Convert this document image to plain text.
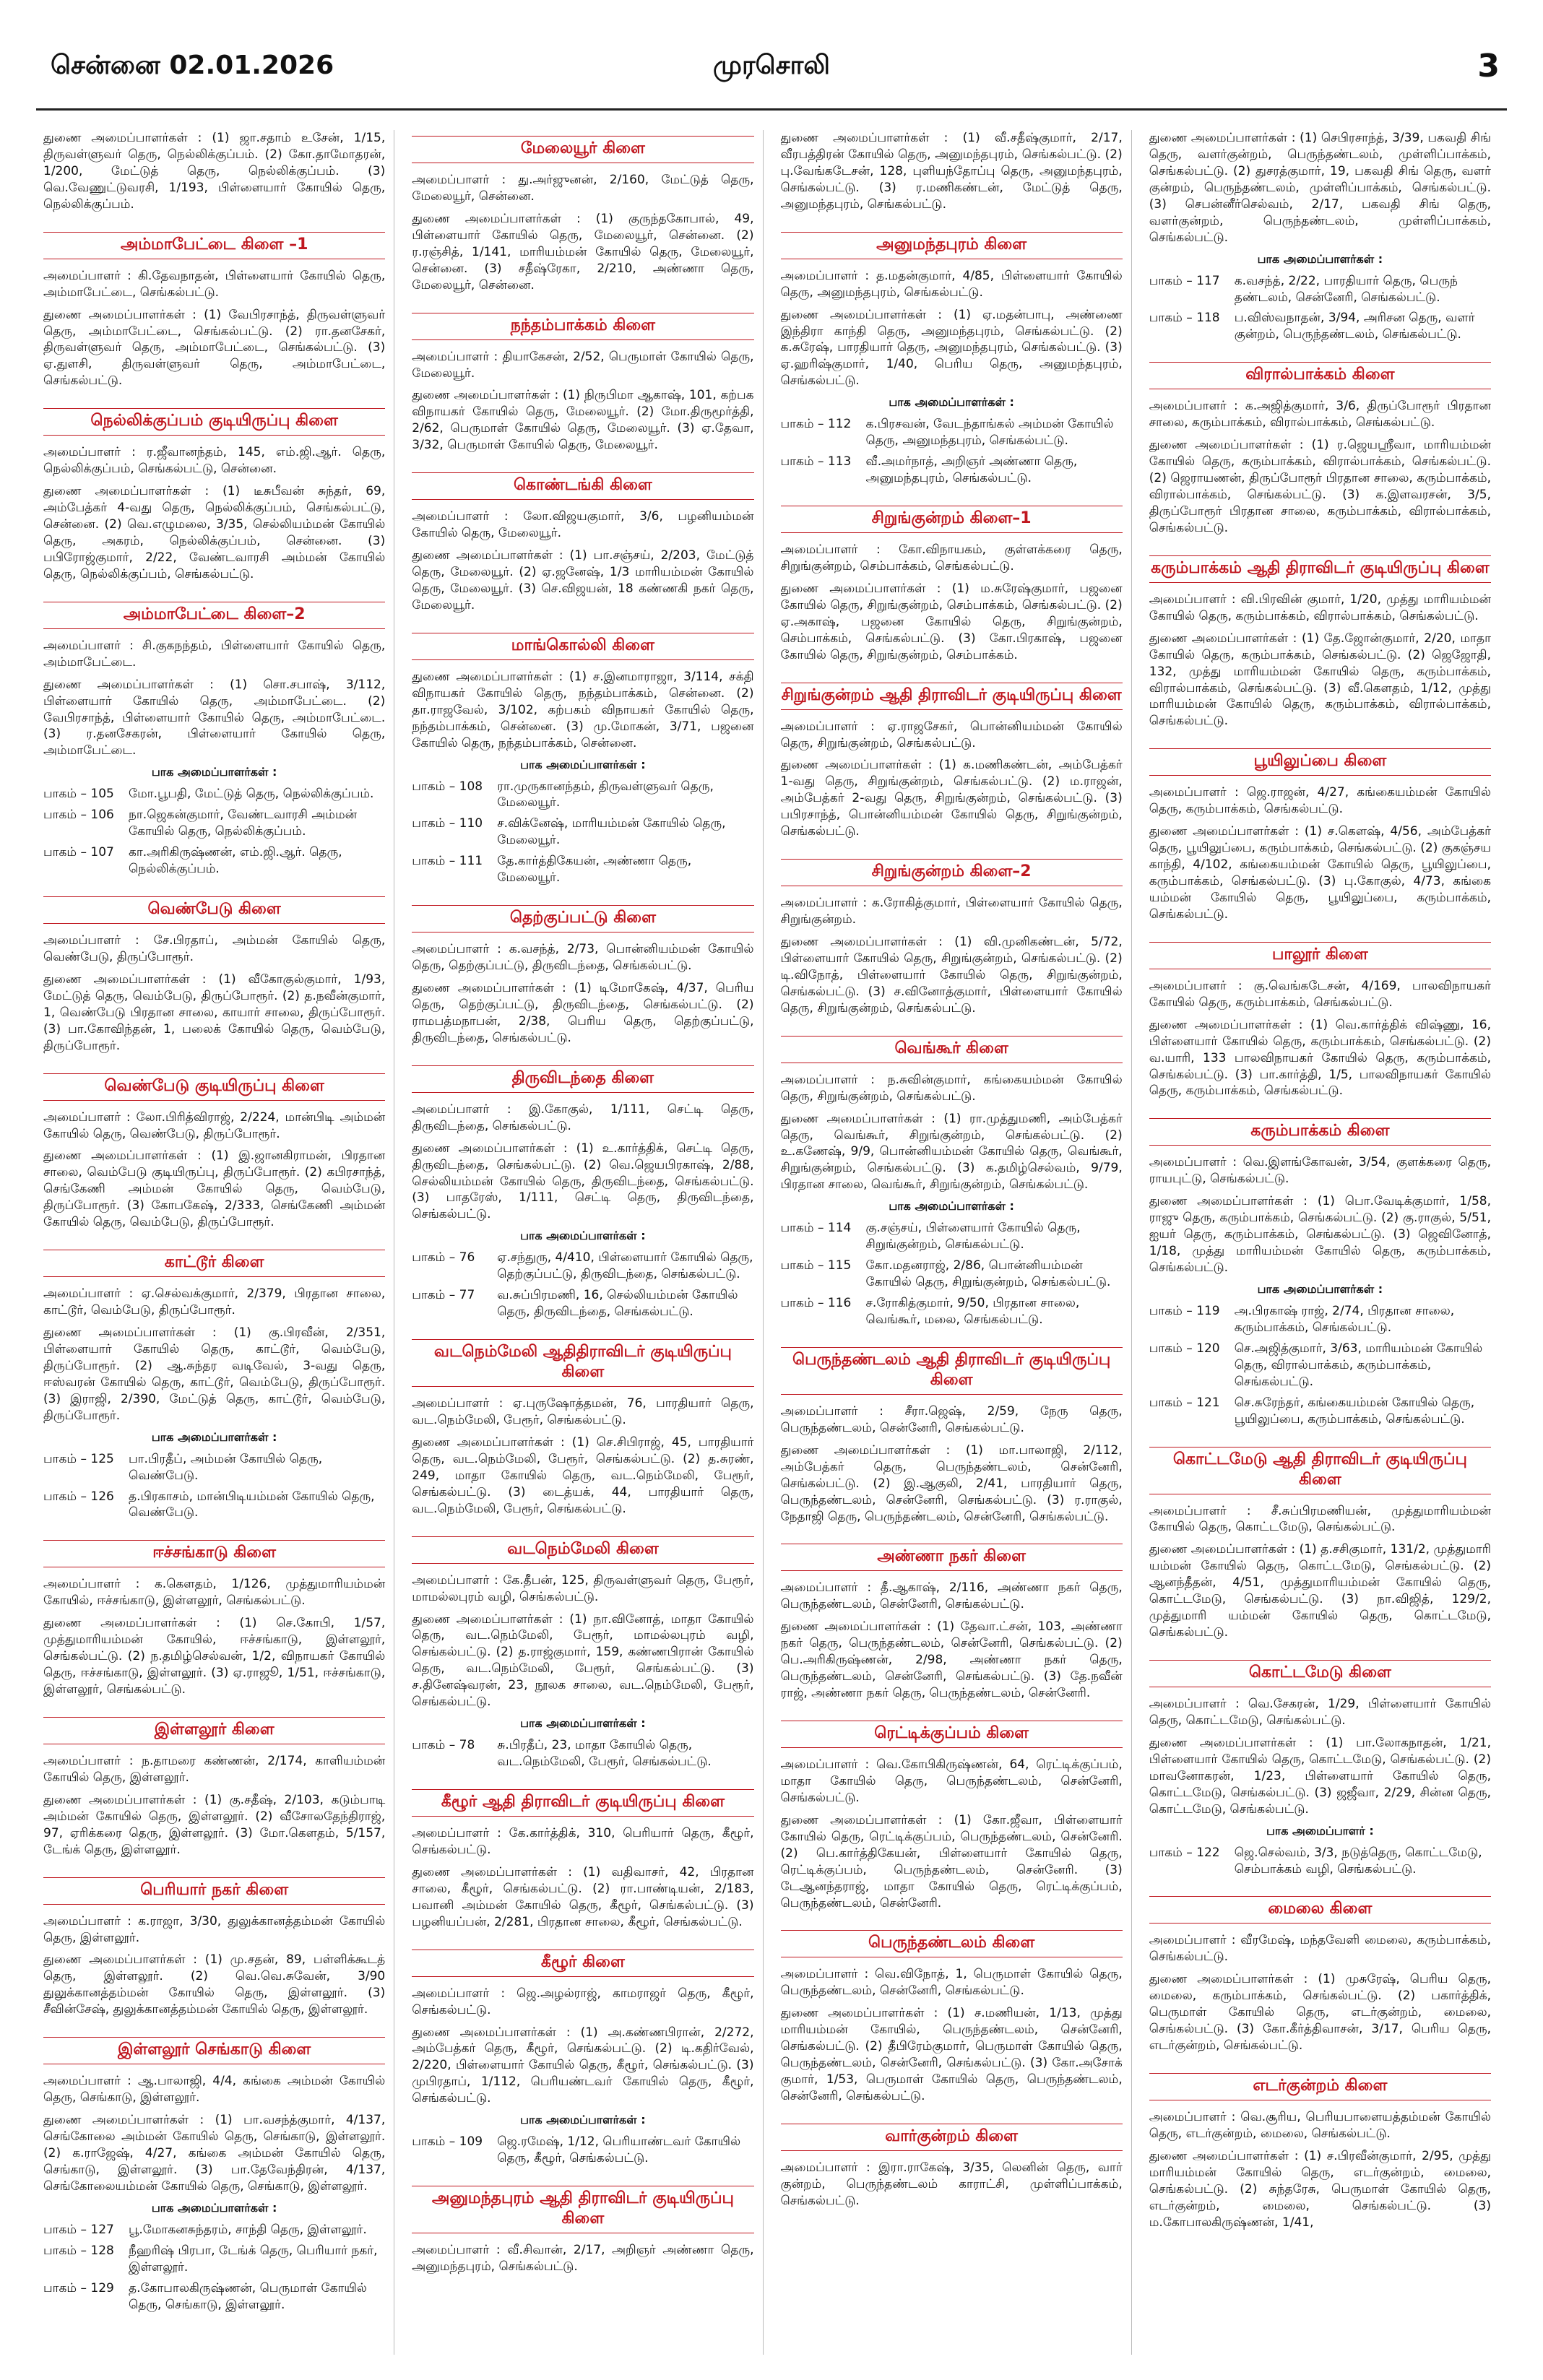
சென்னை 02.01.2026	முரசொலி	3

துணை அமைப்பாளர்கள் : (1) ஜா.சதாம் உசேன், 1/15, திருவள்ளுவர் தெரு, நெல்லிக்குப்பம். (2) கோ.தாமோதரன், 1/200, மேட்டுத் தெரு, நெல்லிக்குப்பம். (3) வெ.வேணுட்டுவரசி, 1/193, பிள்ளையார் கோயில் தெரு, நெல்லிக்குப்பம்.

அம்மாபேட்டை கிளை –1

அமைப்பாளர் : கி.தேவநாதன், பிள்ளையார் கோயில் தெரு, அம்மாபேட்டை, செங்கல்பட்டு.

துணை அமைப்பாளர்கள் : (1) வேபிரசாந்த், திருவள்ளுவர் தெரு, அம்மாபேட்டை, செங்கல்பட்டு. (2) ரா.தனசேகர், திருவள்ளுவர் தெரு, அம்மாபேட்டை, செங்கல்பட்டு. (3) ஏ.துளசி, திருவள்ளுவர் தெரு, அம்மாபேட்டை, செங்கல்பட்டு.

நெல்லிக்குப்பம் குடியிருப்பு கிளை

அமைப்பாளர் : ர.ஜீவானந்தம், 145, எம்.ஜி.ஆர். தெரு, நெல்லிக்குப்பம், செங்கல்பட்டு, சென்னை.

துணை அமைப்பாளர்கள் : (1) டீசுபீவன் சுந்தர், 69, அம்பேத்கர் 4-வது தெரு, நெல்லிக்குப்பம், செங்கல்பட்டு, சென்னை. (2) வெ.எழுமலை, 3/35, செல்லியம்மன் கோயில் தெரு, அகரம், நெல்லிக்குப்பம், சென்னை. (3) பபிரோஜ்குமார், 2/22, வேண்டவாரசி அம்மன் கோயில் தெரு, நெல்லிக்குப்பம், செங்கல்பட்டு.

அம்மாபேட்டை கிளை–2

அமைப்பாளர் : சி.குகநந்தம், பிள்ளையார் கோயில் தெரு, அம்மாபேட்டை.

துணை அமைப்பாளர்கள் : (1) சொ.சபாஷ், 3/112, பிள்ளையார் கோயில் தெரு, அம்மாபேட்டை. (2) வேபிரசாந்த், பிள்ளையார் கோயில் தெரு, அம்மாபேட்டை. (3) ர.தனசேகரன், பிள்ளையார் கோயில் தெரு, அம்மாபேட்டை.

பாக அமைப்பாளர்கள் :
பாகம் – 105	மோ.பூபதி, மேட்டுத் தெரு, நெல்லிக்குப்பம்.
பாகம் – 106	நா.ஜெகன்குமார், வேண்டவாரசி அம்மன் கோயில் தெரு, நெல்லிக்குப்பம்.
பாகம் – 107	கா.அரிகிருஷ்ணன், எம்.ஜி.ஆர். தெரு, நெல்லிக்குப்பம்.
வெண்பேடு கிளை

அமைப்பாளர் : சே.பிரதாப், அம்மன் கோயில் தெரு, வெண்பேடு, திருப்போரூர்.

துணை அமைப்பாளர்கள் : (1) வீகோகுல்குமார், 1/93, மேட்டுத் தெரு, வெம்பேடு, திருப்போரூர். (2) த.நவீன்குமார், 1, வெண்பேடு பிரதான சாலை, காயார் சாலை, திருப்போரூர். (3) பா.கோவிந்தன், 1, பலைக் கோயில் தெரு, வெம்பேடு, திருப்போரூர்.

வெண்பேடு குடியிருப்பு கிளை

அமைப்பாளர் : லோ.பிரித்விராஜ், 2/224, மான்பிடி அம்மன் கோயில் தெரு, வெண்பேடு, திருப்போரூர்.

துணை அமைப்பாளர்கள் : (1) இ.ஜானகிராமன், பிரதான சாலை, வெம்பேடு குடியிருப்பு, திருப்போரூர். (2) கபிரசாந்த், செங்கேணி அம்மன் கோயில் தெரு, வெம்பேடு, திருப்போரூர். (3) கோபகேஷ், 2/333, செங்கேணி அம்மன் கோயில் தெரு, வெம்பேடு, திருப்போரூர்.

காட்டூர் கிளை

அமைப்பாளர் : ஏ.செல்வக்குமார், 2/379, பிரதான சாலை, காட்டூர், வெம்பேடு, திருப்போரூர்.

துணை அமைப்பாளர்கள் : (1) கு.பிரவீன், 2/351, பிள்ளையார் கோயில் தெரு, காட்டூர், வெம்பேடு, திருப்போரூர். (2) ஆ.சுந்தர வடிவேல், 3-வது தெரு, ஈஸ்வரன் கோயில் தெரு, காட்டூர், வெம்பேடு, திருப்போரூர். (3) இராஜி, 2/390, மேட்டுத் தெரு, காட்டூர், வெம்பேடு, திருப்போரூர்.

பாக அமைப்பாளர்கள் :
பாகம் – 125	பா.பிரதீப், அம்மன் கோயில் தெரு, வெண்பேடு.
பாகம் – 126	த.பிரகாசம், மான்பிடியம்மன் கோயில் தெரு, வெண்பேடு.
ஈச்சங்காடு கிளை

அமைப்பாளர் : க.கௌதம், 1/126, முத்துமாரியம்மன் கோயில், ஈச்சங்காடு, இள்ளலூர், செங்கல்பட்டு.

துணை அமைப்பாளர்கள் : (1) செ.கோபி, 1/57, முத்துமாரியம்மன் கோயில், ஈச்சங்காடு, இள்ளலூர், செங்கல்பட்டு. (2) ந.தமிழ்செல்வன், 1/2, விநாயகர் கோயில் தெரு, ஈச்சங்காடு, இள்ளலூர். (3) ஏ.ராஜூ, 1/51, ஈச்சங்காடு, இள்ளலூர், செங்கல்பட்டு.

இள்ளலூர் கிளை

அமைப்பாளர் : ந.தாமரை கண்ணன், 2/174, காளியம்மன் கோயில் தெரு, இள்ளலூர்.

துணை அமைப்பாளர்கள் : (1) கு.சதீஷ், 2/103, கடும்பாடி அம்மன் கோயில் தெரு, இள்ளலூர். (2) வீசோலதேந்திராஜ், 97, ஏரிக்கரை தெரு, இள்ளலூர். (3) மோ.கௌதம், 5/157, டேங்க் தெரு, இள்ளலூர்.

பெரியார் நகர் கிளை

அமைப்பாளர் : க.ராஜா, 3/30, துலுக்கானத்தம்மன் கோயில் தெரு, இள்ளலூர்.

துணை அமைப்பாளர்கள் : (1) மு.சதன், 89, பள்ளிக்கூடத் தெரு, இள்ளலூர். (2) வெ.வெ.சுவேன், 3/90 துலுக்கானத்தம்மன் கோயில் தெரு, இள்ளலூர். (3) சீவின்சேஷ், துலுக்கானத்தம்மன் கோயில் தெரு, இள்ளலூர்.

இள்ளலூர் செங்காடு கிளை

அமைப்பாளர் : ஆ.பாலாஜி, 4/4, கங்கை அம்மன் கோயில் தெரு, செங்காடு, இள்ளலூர்.

துணை அமைப்பாளர்கள் : (1) பா.வசந்த்குமார், 4/137, செங்கோலை அம்மன் கோயில் தெரு, செங்காடு, இள்ளலூர். (2) க.ராஜேஷ், 4/27, கங்கை அம்மன் கோயில் தெரு, செங்காடு, இள்ளலூர். (3) பா.தேவேந்திரன், 4/137, செங்கோலையம்மன் கோயில் தெரு, செங்காடு, இள்ளலூர்.

பாக அமைப்பாளர்கள் :
பாகம் – 127	பூ.மோகனசுந்தரம், சாந்தி தெரு, இள்ளலூர்.
பாகம் – 128	நீஹரிஷ் பிரபா, டேங்க் தெரு, பெரியார் நகர், இள்ளலூர்.
பாகம் – 129	த.கோபாலகிருஷ்ணன், பெருமாள் கோயில் தெரு, செங்காடு, இள்ளலூர்.
மேலையூர் கிளை

அமைப்பாளர் : து.அர்ஜுனன், 2/160, மேட்டுத் தெரு, மேலையூர், சென்னை.

துணை அமைப்பாளர்கள் : (1) குருந்தகோபால், 49, பிள்ளையார் கோயில் தெரு, மேலையூர், சென்னை. (2) ர.ரஞ்சித், 1/141, மாரியம்மன் கோயில் தெரு, மேலையூர், சென்னை. (3) சதீஷ்ரேகா, 2/210, அண்ணா தெரு, மேலையூர், சென்னை.

நந்தம்பாக்கம் கிளை

அமைப்பாளர் : தியாகேசன், 2/52, பெருமாள் கோயில் தெரு, மேலையூர்.

துணை அமைப்பாளர்கள் : (1) நிருபிமா ஆகாஷ், 101, கற்பக விநாயகர் கோயில் தெரு, மேலையூர். (2) மோ.திருமூர்த்தி, 2/62, பெருமாள் கோயில் தெரு, மேலையூர். (3) ஏ.தேவா, 3/32, பெருமாள் கோயில் தெரு, மேலையூர்.

கொண்டங்கி கிளை

அமைப்பாளர் : லோ.விஜயகுமார், 3/6, பழனியம்மன் கோயில் தெரு, மேலையூர்.

துணை அமைப்பாளர்கள் : (1) பா.சஞ்சய், 2/203, மேட்டுத் தெரு, மேலையூர். (2) ஏ.ஜனேஷ், 1/3 மாரியம்மன் கோயில் தெரு, மேலையூர். (3) செ.விஜயன், 18 கண்ணகி நகர் தெரு, மேலையூர்.

மாங்கொல்லி கிளை

துணை அமைப்பாளர்கள் : (1) ச.இனமாராஜா, 3/114, சக்தி விநாயகர் கோயில் தெரு, நந்தம்பாக்கம், சென்னை. (2) தா.ராஜவேல், 3/102, கற்பகம் விநாயகர் கோயில் தெரு, நந்தம்பாக்கம், சென்னை. (3) மு.மோகன், 3/71, பஜனை கோயில் தெரு, நந்தம்பாக்கம், சென்னை.

பாக அமைப்பாளர்கள் :
பாகம் – 108	ரா.முருகானந்தம், திருவள்ளுவர் தெரு, மேலையூர்.
பாகம் – 110	ச.விக்னேஷ், மாரியம்மன் கோயில் தெரு, மேலையூர்.
பாகம் – 111	தே.கார்த்திகேயன், அண்ணா தெரு, மேலையூர்.
தெற்குப்பட்டு கிளை

அமைப்பாளர் : க.வசந்த், 2/73, பொன்னியம்மன் கோயில் தெரு, தெற்குப்பட்டு, திருவிடந்தை, செங்கல்பட்டு.

துணை அமைப்பாளர்கள் : (1) டிமோகேஷ், 4/37, பெரிய தெரு, தெற்குப்பட்டு, திருவிடந்தை, செங்கல்பட்டு. (2) ராமபத்மநாபன், 2/38, பெரிய தெரு, தெற்குப்பட்டு, திருவிடந்தை, செங்கல்பட்டு.

திருவிடந்தை கிளை

அமைப்பாளர் : இ.கோகுல், 1/111, செட்டி தெரு, திருவிடந்தை, செங்கல்பட்டு.

துணை அமைப்பாளர்கள் : (1) உ.கார்த்திக், செட்டி தெரு, திருவிடந்தை, செங்கல்பட்டு. (2) வெ.ஜெயபிரகாஷ், 2/88, செல்லியம்மன் கோயில் தெரு, திருவிடந்தை, செங்கல்பட்டு. (3) பாதரேஸ், 1/111, செட்டி தெரு, திருவிடந்தை, செங்கல்பட்டு.

பாக அமைப்பாளர்கள் :
பாகம் – 76	ஏ.சந்துரு, 4/410, பிள்ளையார் கோயில் தெரு, தெற்குப்பட்டு, திருவிடந்தை, செங்கல்பட்டு.
பாகம் – 77	வ.சுப்பிரமணி, 16, செல்லியம்மன் கோயில் தெரு, திருவிடந்தை, செங்கல்பட்டு.
வடநெம்மேலி ஆதிதிராவிடர் குடியிருப்பு கிளை

அமைப்பாளர் : ஏ.புருஷோத்தமன், 76, பாரதியார் தெரு, வட.நெம்மேலி, பேரூர், செங்கல்பட்டு.

துணை அமைப்பாளர்கள் : (1) செ.சிபிராஜ், 45, பாரதியார் தெரு, வட.நெம்மேலி, பேரூர், செங்கல்பட்டு. (2) த.சுரண், 249, மாதா கோயில் தெரு, வட.நெம்மேலி, பேரூர், செங்கல்பட்டு. (3) டைத்யக், 44, பாரதியார் தெரு, வட.நெம்மேலி, பேரூர், செங்கல்பட்டு.

வடநெம்மேலி கிளை

அமைப்பாளர் : கே.தீபன், 125, திருவள்ளுவர் தெரு, பேரூர், மாமல்லபுரம் வழி, செங்கல்பட்டு.

துணை அமைப்பாளர்கள் : (1) நா.வினோத், மாதா கோயில் தெரு, வட.நெம்மேலி, பேரூர், மாமல்லபுரம் வழி, செங்கல்பட்டு. (2) த.ராஜ்குமார், 159, கண்ணபிரான் கோயில் தெரு, வட.நெம்மேலி, பேரூர், செங்கல்பட்டு. (3) ச.தினேஷ்வரன், 23, நூலக சாலை, வட.நெம்மேலி, பேரூர், செங்கல்பட்டு.

பாக அமைப்பாளர்கள் :
பாகம் – 78	சு.பிரதீப், 23, மாதா கோயில் தெரு, வட.நெம்மேலி, பேரூர், செங்கல்பட்டு.
கீழூர் ஆதி திராவிடர் குடியிருப்பு கிளை

அமைப்பாளர் : கே.கார்த்திக், 310, பெரியார் தெரு, கீழூர், செங்கல்பட்டு.

துணை அமைப்பாளர்கள் : (1) வதிவாசர், 42, பிரதான சாலை, கீழூர், செங்கல்பட்டு. (2) ரா.பாண்டியன், 2/183, பவானி அம்மன் கோயில் தெரு, கீழூர், செங்கல்பட்டு. (3) பழனியப்பன், 2/281, பிரதான சாலை, கீழூர், செங்கல்பட்டு.

கீழூர் கிளை

அமைப்பாளர் : ஜெ.அழல்ராஜ், காமராஜர் தெரு, கீழூர், செங்கல்பட்டு.

துணை அமைப்பாளர்கள் : (1) அ.கண்ணபிரான், 2/272, அம்பேத்கர் தெரு, கீழூர், செங்கல்பட்டு. (2) டி.கதிர்வேல், 2/220, பிள்ளையார் கோயில் தெரு, கீழூர், செங்கல்பட்டு. (3) முபிரதாப், 1/112, பெரியண்டவர் கோயில் தெரு, கீழூர், செங்கல்பட்டு.

பாக அமைப்பாளர்கள் :
பாகம் – 109	ஜெ.ரமேஷ், 1/12, பெரியாண்டவர் கோயில் தெரு, கீழூர், செங்கல்பட்டு.
அனுமந்தபுரம் ஆதி திராவிடர் குடியிருப்பு கிளை

அமைப்பாளர் : வீ.சிவான், 2/17, அறிஞர் அண்ணா தெரு, அனுமந்தபுரம், செங்கல்பட்டு.

துணை அமைப்பாளர்கள் : (1) வீ.சதீஷ்குமார், 2/17, வீரபத்திரன் கோயில் தெரு, அனுமந்தபுரம், செங்கல்பட்டு. (2) பு.வேங்கடேசன், 128, புளியந்தோப்பு தெரு, அனுமந்தபுரம், செங்கல்பட்டு. (3) ர.மணிகண்டன், மேட்டுத் தெரு, அனுமந்தபுரம், செங்கல்பட்டு.

அனுமந்தபுரம் கிளை

அமைப்பாளர் : த.மதன்குமார், 4/85, பிள்ளையார் கோயில் தெரு, அனுமந்தபுரம், செங்கல்பட்டு.

துணை அமைப்பாளர்கள் : (1) ஏ.மதன்பாபு, அண்ணை இந்திரா காந்தி தெரு, அனுமந்தபுரம், செங்கல்பட்டு. (2) க.சுரேஷ், பாரதியார் தெரு, அனுமந்தபுரம், செங்கல்பட்டு. (3) ஏ.ஹரிஷ்குமார், 1/40, பெரிய தெரு, அனுமந்தபுரம், செங்கல்பட்டு.

பாக அமைப்பாளர்கள் :
பாகம் – 112	க.பிரசவன், வேடந்தாங்கல் அம்மன் கோயில் தெரு, அனுமந்தபுரம், செங்கல்பட்டு.
பாகம் – 113	வீ.அமர்நாத், அறிஞர் அண்ணா தெரு, அனுமந்தபுரம், செங்கல்பட்டு.
சிறுங்குன்றம் கிளை–1

அமைப்பாளர் : கோ.விநாயகம், குள்ளக்கரை தெரு, சிறுங்குன்றம், செம்பாக்கம், செங்கல்பட்டு.

துணை அமைப்பாளர்கள் : (1) ம.சுரேஷ்குமார், பஜனை கோயில் தெரு, சிறுங்குன்றம், செம்பாக்கம், செங்கல்பட்டு. (2) ஏ.அகாஷ், பஜனை கோயில் தெரு, சிறுங்குன்றம், செம்பாக்கம், செங்கல்பட்டு. (3) கோ.பிரகாஷ், பஜனை கோயில் தெரு, சிறுங்குன்றம், செம்பாக்கம்.

சிறுங்குன்றம் ஆதி திராவிடர் குடியிருப்பு கிளை

அமைப்பாளர் : ஏ.ராஜசேகர், பொன்னியம்மன் கோயில் தெரு, சிறுங்குன்றம், செங்கல்பட்டு.

துணை அமைப்பாளர்கள் : (1) க.மணிகண்டன், அம்பேத்கர் 1-வது தெரு, சிறுங்குன்றம், செங்கல்பட்டு. (2) ம.ராஜன், அம்பேத்கர் 2-வது தெரு, சிறுங்குன்றம், செங்கல்பட்டு. (3) பபிரசாந்த், பொன்னியம்மன் கோயில் தெரு, சிறுங்குன்றம், செங்கல்பட்டு.

சிறுங்குன்றம் கிளை–2

அமைப்பாளர் : க.ரோகித்குமார், பிள்ளையார் கோயில் தெரு, சிறுங்குன்றம்.

துணை அமைப்பாளர்கள் : (1) வி.முனிகண்டன், 5/72, பிள்ளையார் கோயில் தெரு, சிறுங்குன்றம், செங்கல்பட்டு. (2) டி.விநோத், பிள்ளையார் கோயில் தெரு, சிறுங்குன்றம், செங்கல்பட்டு. (3) ச.வினோத்குமார், பிள்ளையார் கோயில் தெரு, சிறுங்குன்றம், செங்கல்பட்டு.

வெங்கூர் கிளை

அமைப்பாளர் : ந.சுவின்குமார், கங்கையம்மன் கோயில் தெரு, சிறுங்குன்றம், செங்கல்பட்டு.

துணை அமைப்பாளர்கள் : (1) ரா.முத்துமணி, அம்பேத்கர் தெரு, வெங்கூர், சிறுங்குன்றம், செங்கல்பட்டு. (2) உ.கணேஷ், 9/9, பொன்னியம்மன் கோயில் தெரு, வெங்கூர், சிறுங்குன்றம், செங்கல்பட்டு. (3) க.தமிழ்செல்வம், 9/79, பிரதான சாலை, வெங்கூர், சிறுங்குன்றம், செங்கல்பட்டு.

பாக அமைப்பாளர்கள் :
பாகம் – 114	கு.சஞ்சய், பிள்ளையார் கோயில் தெரு, சிறுங்குன்றம், செங்கல்பட்டு.
பாகம் – 115	கோ.மதனராஜ், 2/86, பொன்னியம்மன் கோயில் தெரு, சிறுங்குன்றம், செங்கல்பட்டு.
பாகம் – 116	ச.ரோகித்குமார், 9/50, பிரதான சாலை, வெங்கூர், மலை, செங்கல்பட்டு.
பெருந்தண்டலம் ஆதி திராவிடர் குடியிருப்பு கிளை

அமைப்பாளர் : சீரா.ஜெஷ், 2/59, நேரு தெரு, பெருந்தண்டலம், சென்னேரி, செங்கல்பட்டு.

துணை அமைப்பாளர்கள் : (1) மா.பாலாஜி, 2/112, அம்பேத்கர் தெரு, பெருந்தண்டலம், சென்னேரி, செங்கல்பட்டு. (2) இ.ஆகுலி, 2/41, பாரதியார் தெரு, பெருந்தண்டலம், சென்னேரி, செங்கல்பட்டு. (3) ர.ராகுல், நேதாஜி தெரு, பெருந்தண்டலம், சென்னேரி, செங்கல்பட்டு.

அண்ணா நகர் கிளை

அமைப்பாளர் : தீ.ஆகாஷ், 2/116, அண்ணா நகர் தெரு, பெருந்தண்டலம், சென்னேரி, செங்கல்பட்டு.

துணை அமைப்பாளர்கள் : (1) தேவா.ட்சன், 103, அண்ணா நகர் தெரு, பெருந்தண்டலம், சென்னேரி, செங்கல்பட்டு. (2) பெ.அரிகிருஷ்ணன், 2/98, அண்ணா நகர் தெரு, பெருந்தண்டலம், சென்னேரி, செங்கல்பட்டு. (3) தே.நவீன் ராஜ், அண்ணா நகர் தெரு, பெருந்தண்டலம், சென்னேரி.

ரெட்டிக்குப்பம் கிளை

அமைப்பாளர் : வெ.கோபிகிருஷ்ணன், 64, ரெட்டிக்குப்பம், மாதா கோயில் தெரு, பெருந்தண்டலம், சென்னேரி, செங்கல்பட்டு.

துணை அமைப்பாளர்கள் : (1) கோ.ஜீவா, பிள்ளையார் கோயில் தெரு, ரெட்டிக்குப்பம், பெருந்தண்டலம், சென்னேரி. (2) பெ.கார்த்திகேயன், பிள்ளையார் கோயில் தெரு, ரெட்டிக்குப்பம், பெருந்தண்டலம், சென்னேரி. (3) டேஆனந்தராஜ், மாதா கோயில் தெரு, ரெட்டிக்குப்பம், பெருந்தண்டலம், சென்னேரி.

பெருந்தண்டலம் கிளை

அமைப்பாளர் : வெ.விநோத், 1, பெருமாள் கோயில் தெரு, பெருந்தண்டலம், சென்னேரி, செங்கல்பட்டு.

துணை அமைப்பாளர்கள் : (1) ச.மணியன், 1/13, முத்து மாரியம்மன் கோயில், பெருந்தண்டலம், சென்னேரி, செங்கல்பட்டு. (2) தீபிரேம்குமார், பெருமாள் கோயில் தெரு, பெருந்தண்டலம், சென்னேரி, செங்கல்பட்டு. (3) கோ.அசோக் குமார், 1/53, பெருமாள் கோயில் தெரு, பெருந்தண்டலம், சென்னேரி, செங்கல்பட்டு.

வார்குன்றம் கிளை

அமைப்பாளர் : இரா.ராகேஷ், 3/35, லெனின் தெரு, வார் குன்றம், பெருந்தண்டலம் காராட்சி, முள்ளிப்பாக்கம், செங்கல்பட்டு.

துணை அமைப்பாளர்கள் : (1) செபிரசாந்த், 3/39, பகவதி சிங் தெரு, வளர்குன்றம், பெருந்தண்டலம், முள்ளிப்பாக்கம், செங்கல்பட்டு. (2) துசரத்குமார், 19, பகவதி சிங் தெரு, வளர் குன்றம், பெருந்தண்டலம், முள்ளிப்பாக்கம், செங்கல்பட்டு. (3) செபன்னீர்செல்வம், 2/17, பகவதி சிங் தெரு, வளர்குன்றம், பெருந்தண்டலம், முள்ளிப்பாக்கம், செங்கல்பட்டு.

பாக அமைப்பாளர்கள் :
பாகம் – 117	க.வசந்த், 2/22, பாரதியார் தெரு, பெருந் தண்டலம், சென்னேரி, செங்கல்பட்டு.
பாகம் – 118	ப.விஸ்வநாதன், 3/94, அரிசன தெரு, வளர் குன்றம், பெருந்தண்டலம், செங்கல்பட்டு.
விரால்பாக்கம் கிளை

அமைப்பாளர் : க.அஜித்குமார், 3/6, திருப்போரூர் பிரதான சாலை, கரும்பாக்கம், விரால்பாக்கம், செங்கல்பட்டு.

துணை அமைப்பாளர்கள் : (1) ர.ஜெயஸ்ரீவா, மாரியம்மன் கோயில் தெரு, கரும்பாக்கம், விரால்பாக்கம், செங்கல்பட்டு. (2) ஜெராயணன், திருப்போரூர் பிரதான சாலை, கரும்பாக்கம், விரால்பாக்கம், செங்கல்பட்டு. (3) க.இளவரசன், 3/5, திருப்போரூர் பிரதான சாலை, கரும்பாக்கம், விரால்பாக்கம், செங்கல்பட்டு.

கரும்பாக்கம் ஆதி திராவிடர் குடியிருப்பு கிளை

அமைப்பாளர் : வி.பிரவின் குமார், 1/20, முத்து மாரியம்மன் கோயில் தெரு, கரும்பாக்கம், விரால்பாக்கம், செங்கல்பட்டு.

துணை அமைப்பாளர்கள் : (1) தே.ஜோன்குமார், 2/20, மாதா கோயில் தெரு, கரும்பாக்கம், செங்கல்பட்டு. (2) ஜெஜோதி, 132, முத்து மாரியம்மன் கோயில் தெரு, கரும்பாக்கம், விரால்பாக்கம், செங்கல்பட்டு. (3) வீ.கௌதம், 1/12, முத்து மாரியம்மன் கோயில் தெரு, கரும்பாக்கம், விரால்பாக்கம், செங்கல்பட்டு.

பூயிலுப்பை கிளை

அமைப்பாளர் : ஜெ.ராஜன், 4/27, கங்கையம்மன் கோயில் தெரு, கரும்பாக்கம், செங்கல்பட்டு.

துணை அமைப்பாளர்கள் : (1) ச.கௌஷ், 4/56, அம்பேத்கர் தெரு, பூயிலுப்பை, கரும்பாக்கம், செங்கல்பட்டு. (2) குகஞ்சய காந்தி, 4/102, கங்கையம்மன் கோயில் தெரு, பூயிலுப்பை, கரும்பாக்கம், செங்கல்பட்டு. (3) பு.கோகுல், 4/73, கங்கை யம்மன் கோயில் தெரு, பூயிலுப்பை, கரும்பாக்கம், செங்கல்பட்டு.

பாலூர் கிளை

அமைப்பாளர் : கு.வெங்கடேசன், 4/169, பாலவிநாயகர் கோயில் தெரு, கரும்பாக்கம், செங்கல்பட்டு.

துணை அமைப்பாளர்கள் : (1) வெ.கார்த்திக் விஷ்ணு, 16, பிள்ளையார் கோயில் தெரு, கரும்பாக்கம், செங்கல்பட்டு. (2) வ.யாரி, 133 பாலவிநாயகர் கோயில் தெரு, கரும்பாக்கம், செங்கல்பட்டு. (3) பா.கார்த்தி, 1/5, பாலவிநாயகர் கோயில் தெரு, கரும்பாக்கம், செங்கல்பட்டு.

கரும்பாக்கம் கிளை

அமைப்பாளர் : வெ.இளங்கோவன், 3/54, குளக்கரை தெரு, ராயபுட்டு, செங்கல்பட்டு.

துணை அமைப்பாளர்கள் : (1) பொ.வேடிக்குமார், 1/58, ராஜு தெரு, கரும்பாக்கம், செங்கல்பட்டு. (2) கு.ராகுல், 5/51, ஐயர் தெரு, கரும்பாக்கம், செங்கல்பட்டு. (3) ஜெவினோத், 1/18, முத்து மாரியம்மன் கோயில் தெரு, கரும்பாக்கம், செங்கல்பட்டு.

பாக அமைப்பாளர்கள் :
பாகம் – 119	அ.பிரகாஷ் ராஜ், 2/74, பிரதான சாலை, கரும்பாக்கம், செங்கல்பட்டு.
பாகம் – 120	செ.அஜித்குமார், 3/63, மாரியம்மன் கோயில் தெரு, விரால்பாக்கம், கரும்பாக்கம், செங்கல்பட்டு.
பாகம் – 121	செ.சுரேந்தர், கங்கையம்மன் கோயில் தெரு, பூயிலுப்பை, கரும்பாக்கம், செங்கல்பட்டு.
கொட்டமேடு ஆதி திராவிடர் குடியிருப்பு கிளை

அமைப்பாளர் : சீ.சுப்பிரமணியன், முத்துமாரியம்மன் கோயில் தெரு, கொட்டமேடு, செங்கல்பட்டு.

துணை அமைப்பாளர்கள் : (1) த.சசிகுமார், 131/2, முத்துமாரி யம்மன் கோயில் தெரு, கொட்டமேடு, செங்கல்பட்டு. (2) ஆனந்தீதன், 4/51, முத்துமாரியம்மன் கோயில் தெரு, கொட்டமேடு, செங்கல்பட்டு. (3) நா.விஜித், 129/2, முத்துமாரி யம்மன் கோயில் தெரு, கொட்டமேடு, செங்கல்பட்டு.

கொட்டமேடு கிளை

அமைப்பாளர் : வெ.சேகரன், 1/29, பிள்ளையார் கோயில் தெரு, கொட்டமேடு, செங்கல்பட்டு.

துணை அமைப்பாளர்கள் : (1) பா.லோகநாதன், 1/21, பிள்ளையார் கோயில் தெரு, கொட்டமேடு, செங்கல்பட்டு. (2) மாவனோகரன், 1/23, பிள்ளையார் கோயில் தெரு, கொட்டமேடு, செங்கல்பட்டு. (3) ஜஜீவா, 2/29, சின்ன தெரு, கொட்டமேடு, செங்கல்பட்டு.

பாக அமைப்பாளர் :
பாகம் – 122	ஜெ.செல்வம், 3/3, நடுத்தெரு, கொட்டமேடு, செம்பாக்கம் வழி, செங்கல்பட்டு.
மைலை கிளை

அமைப்பாளர் : வீரமேஷ், மந்தவேளி மைலை, கரும்பாக்கம், செங்கல்பட்டு.

துணை அமைப்பாளர்கள் : (1) முசுரேஷ், பெரிய தெரு, மைலை, கரும்பாக்கம், செங்கல்பட்டு. (2) பகார்த்திக், பெருமாள் கோயில் தெரு, எடர்குன்றம், மைலை, செங்கல்பட்டு. (3) கோ.கீர்த்திவாசன், 3/17, பெரிய தெரு, எடர்குன்றம், செங்கல்பட்டு.

எடர்குன்றம் கிளை

அமைப்பாளர் : வெ.சூரிய, பெரியபாளையத்தம்மன் கோயில் தெரு, எடர்குன்றம், மைலை, செங்கல்பட்டு.

துணை அமைப்பாளர்கள் : (1) ச.பிரவீன்குமார், 2/95, முத்து மாரியம்மன் கோயில் தெரு, எடர்குன்றம், மைலை, செங்கல்பட்டு. (2) சுந்தரேசு, பெருமாள் கோயில் தெரு, எடர்குன்றம், மைலை, செங்கல்பட்டு. (3) ம.கோபாலகிருஷ்ணன், 1/41,
